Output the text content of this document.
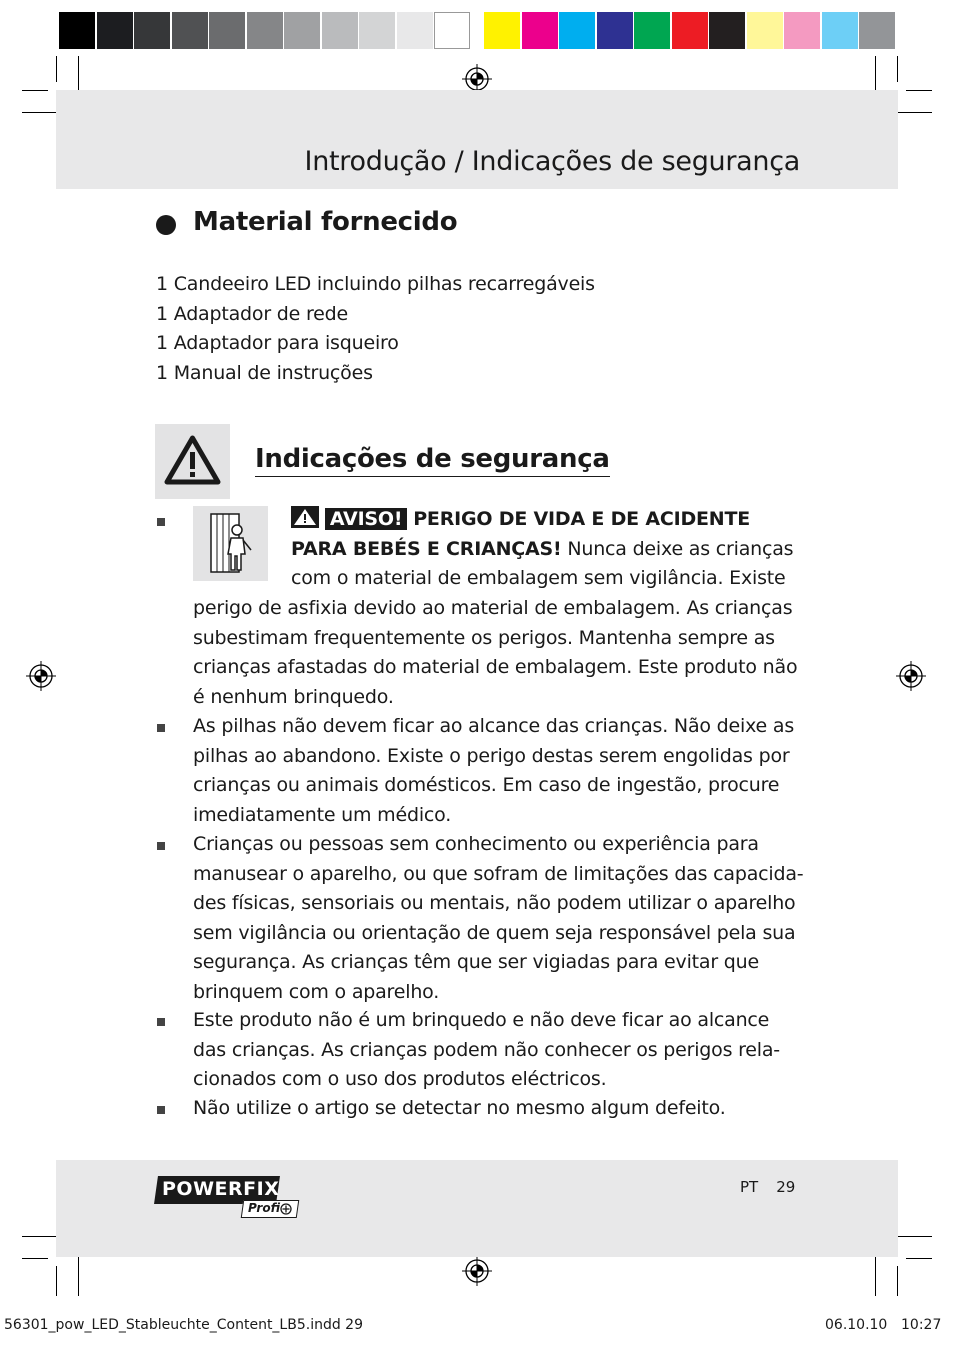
Introdução / Indicações de segurança
Material fornecido
1 Candeeiro LED incluindo pilhas recarregáveis
1 Adaptador de rede
1 Adaptador para isqueiro
1 Manual de instruções
Indicações de segurança
AVISO! PERIGO DE VIDA E DE ACIDENTE
PARA BEBÉS E CRIANÇAS! Nunca deixe as crianças
com o material de embalagem sem vigilância. Existe
perigo de asfixia devido ao material de embalagem. As crianças
subestimam frequentemente os perigos. Mantenha sempre as
crianças afastadas do material de embalagem. Este produto não
é nenhum brinquedo.
As pilhas não devem ficar ao alcance das crianças. Não deixe as
pilhas ao abandono. Existe o perigo destas serem engolidas por
crianças ou animais domésticos. Em caso de ingestão, procure
imediatamente um médico.
Crianças ou pessoas sem conhecimento ou experiência para
manusear o aparelho, ou que sofram de limitações das capacida-
des físicas, sensoriais ou mentais, não podem utilizar o aparelho
sem vigilância ou orientação de quem seja responsável pela sua
segurança. As crianças têm que ser vigiadas para evitar que
brinquem com o aparelho.
Este produto não é um brinquedo e não deve ficar ao alcance
das crianças. As crianças podem não conhecer os perigos rela-
cionados com o uso dos produtos eléctricos.
Não utilize o artigo se detectar no mesmo algum defeito.
POWERFIX
Profi
PT 29
56301_pow_LED_Stableuchte_Content_LB5.indd 29	06.10.10 10:27
